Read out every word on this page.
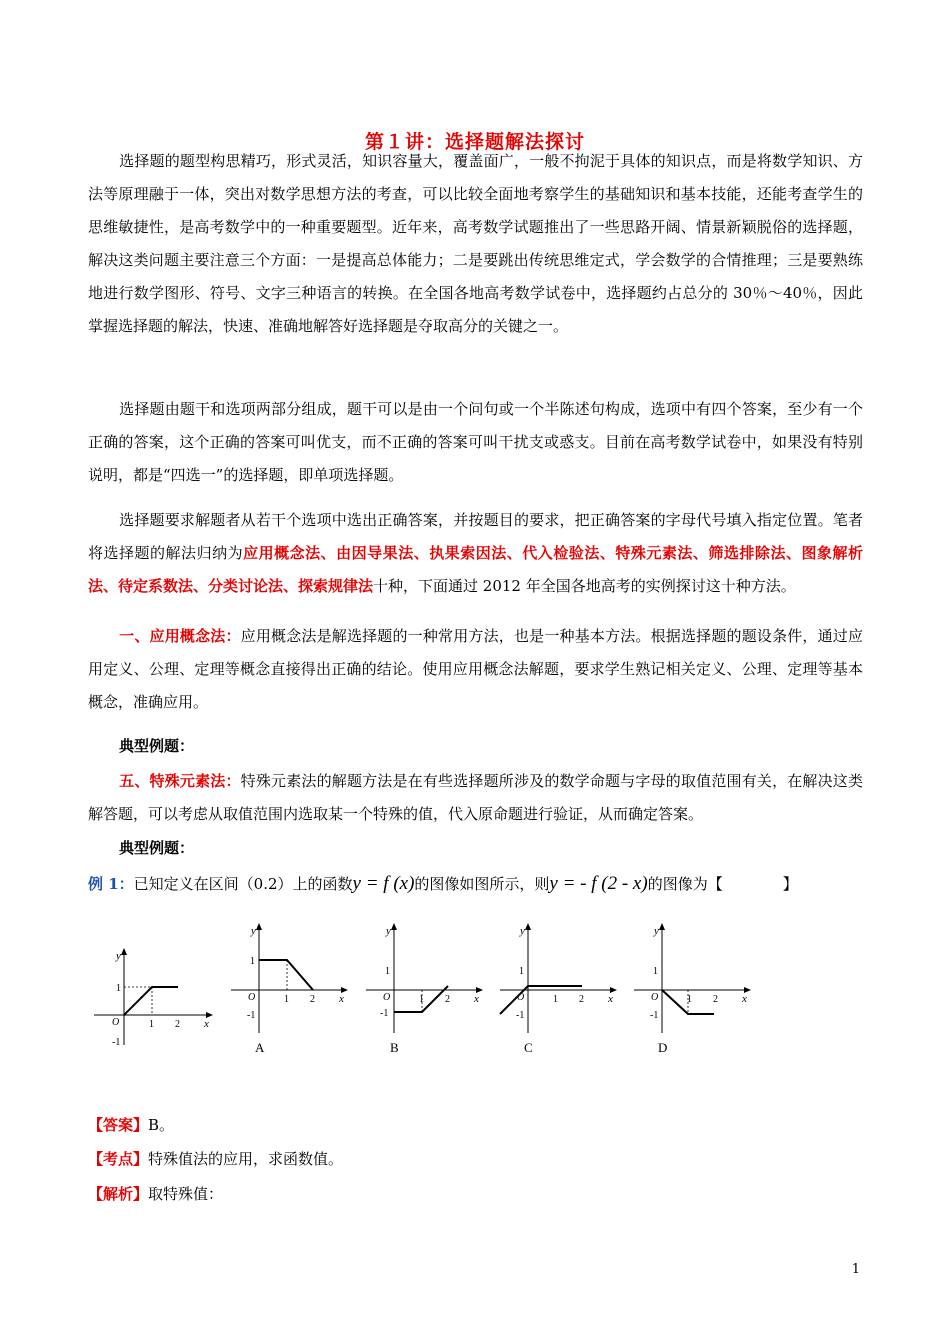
第１讲：选择题解法探讨
选择题的题型构思精巧，形式灵活，知识容量大，覆盖面广，一般不拘泥于具体的知识点，而是将数学知识、方法等原理融于一体，突出对数学思想方法的考查，可以比较全面地考察学生的基础知识和基本技能，还能考查学生的思维敏捷性，是高考数学中的一种重要题型。近年来，高考数学试题推出了一些思路开阔、情景新颖脱俗的选择题，解决这类问题主要注意三个方面：一是提高总体能力；二是要跳出传统思维定式，学会数学的合情推理；三是要熟练地进行数学图形、符号、文字三种语言的转换。在全国各地高考数学试卷中，选择题约占总分的 30％～40％，因此掌握选择题的解法，快速、准确地解答好选择题是夺取高分的关键之一。
选择题由题干和选项两部分组成，题干可以是由一个问句或一个半陈述句构成，选项中有四个答案，至少有一个正确的答案，这个正确的答案可叫优支，而不正确的答案可叫干扰支或惑支。目前在高考数学试卷中，如果没有特别说明，都是“四选一”的选择题，即单项选择题。
选择题要求解题者从若干个选项中选出正确答案，并按题目的要求，把正确答案的字母代号填入指定位置。笔者将选择题的解法归纳为应用概念法、由因导果法、执果索因法、代入检验法、特殊元素法、筛选排除法、图象解析法、待定系数法、分类讨论法、探索规律法十种，下面通过 2012 年全国各地高考的实例探讨这十种方法。
一、应用概念法：应用概念法是解选择题的一种常用方法，也是一种基本方法。根据选择题的题设条件，通过应用定义、公理、定理等概念直接得出正确的结论。使用应用概念法解题，要求学生熟记相关定义、公理、定理等基本概念，准确应用。
典型例题：
五、特殊元素法：特殊元素法的解题方法是在有些选择题所涉及的数学命题与字母的取值范围有关，在解决这类解答题，可以考虑从取值范围内选取某一个特殊的值，代入原命题进行验证，从而确定答案。
典型例题：
例 1：已知定义在区间（0.2）上的函数y = f (x)的图像如图所示，则y = - f (2 - x)的图像为【　　　　】
y
x
O
1
1 2
-1
y
x
O
1
1 2
-1
A
y
x
O
1
1 2
-1
B
y
x
O
1
1 2
-1
C
y
x
O
1
1 2
-1
D
【答案】B。
【考点】特殊值法的应用，求函数值。
【解析】取特殊值：
1
